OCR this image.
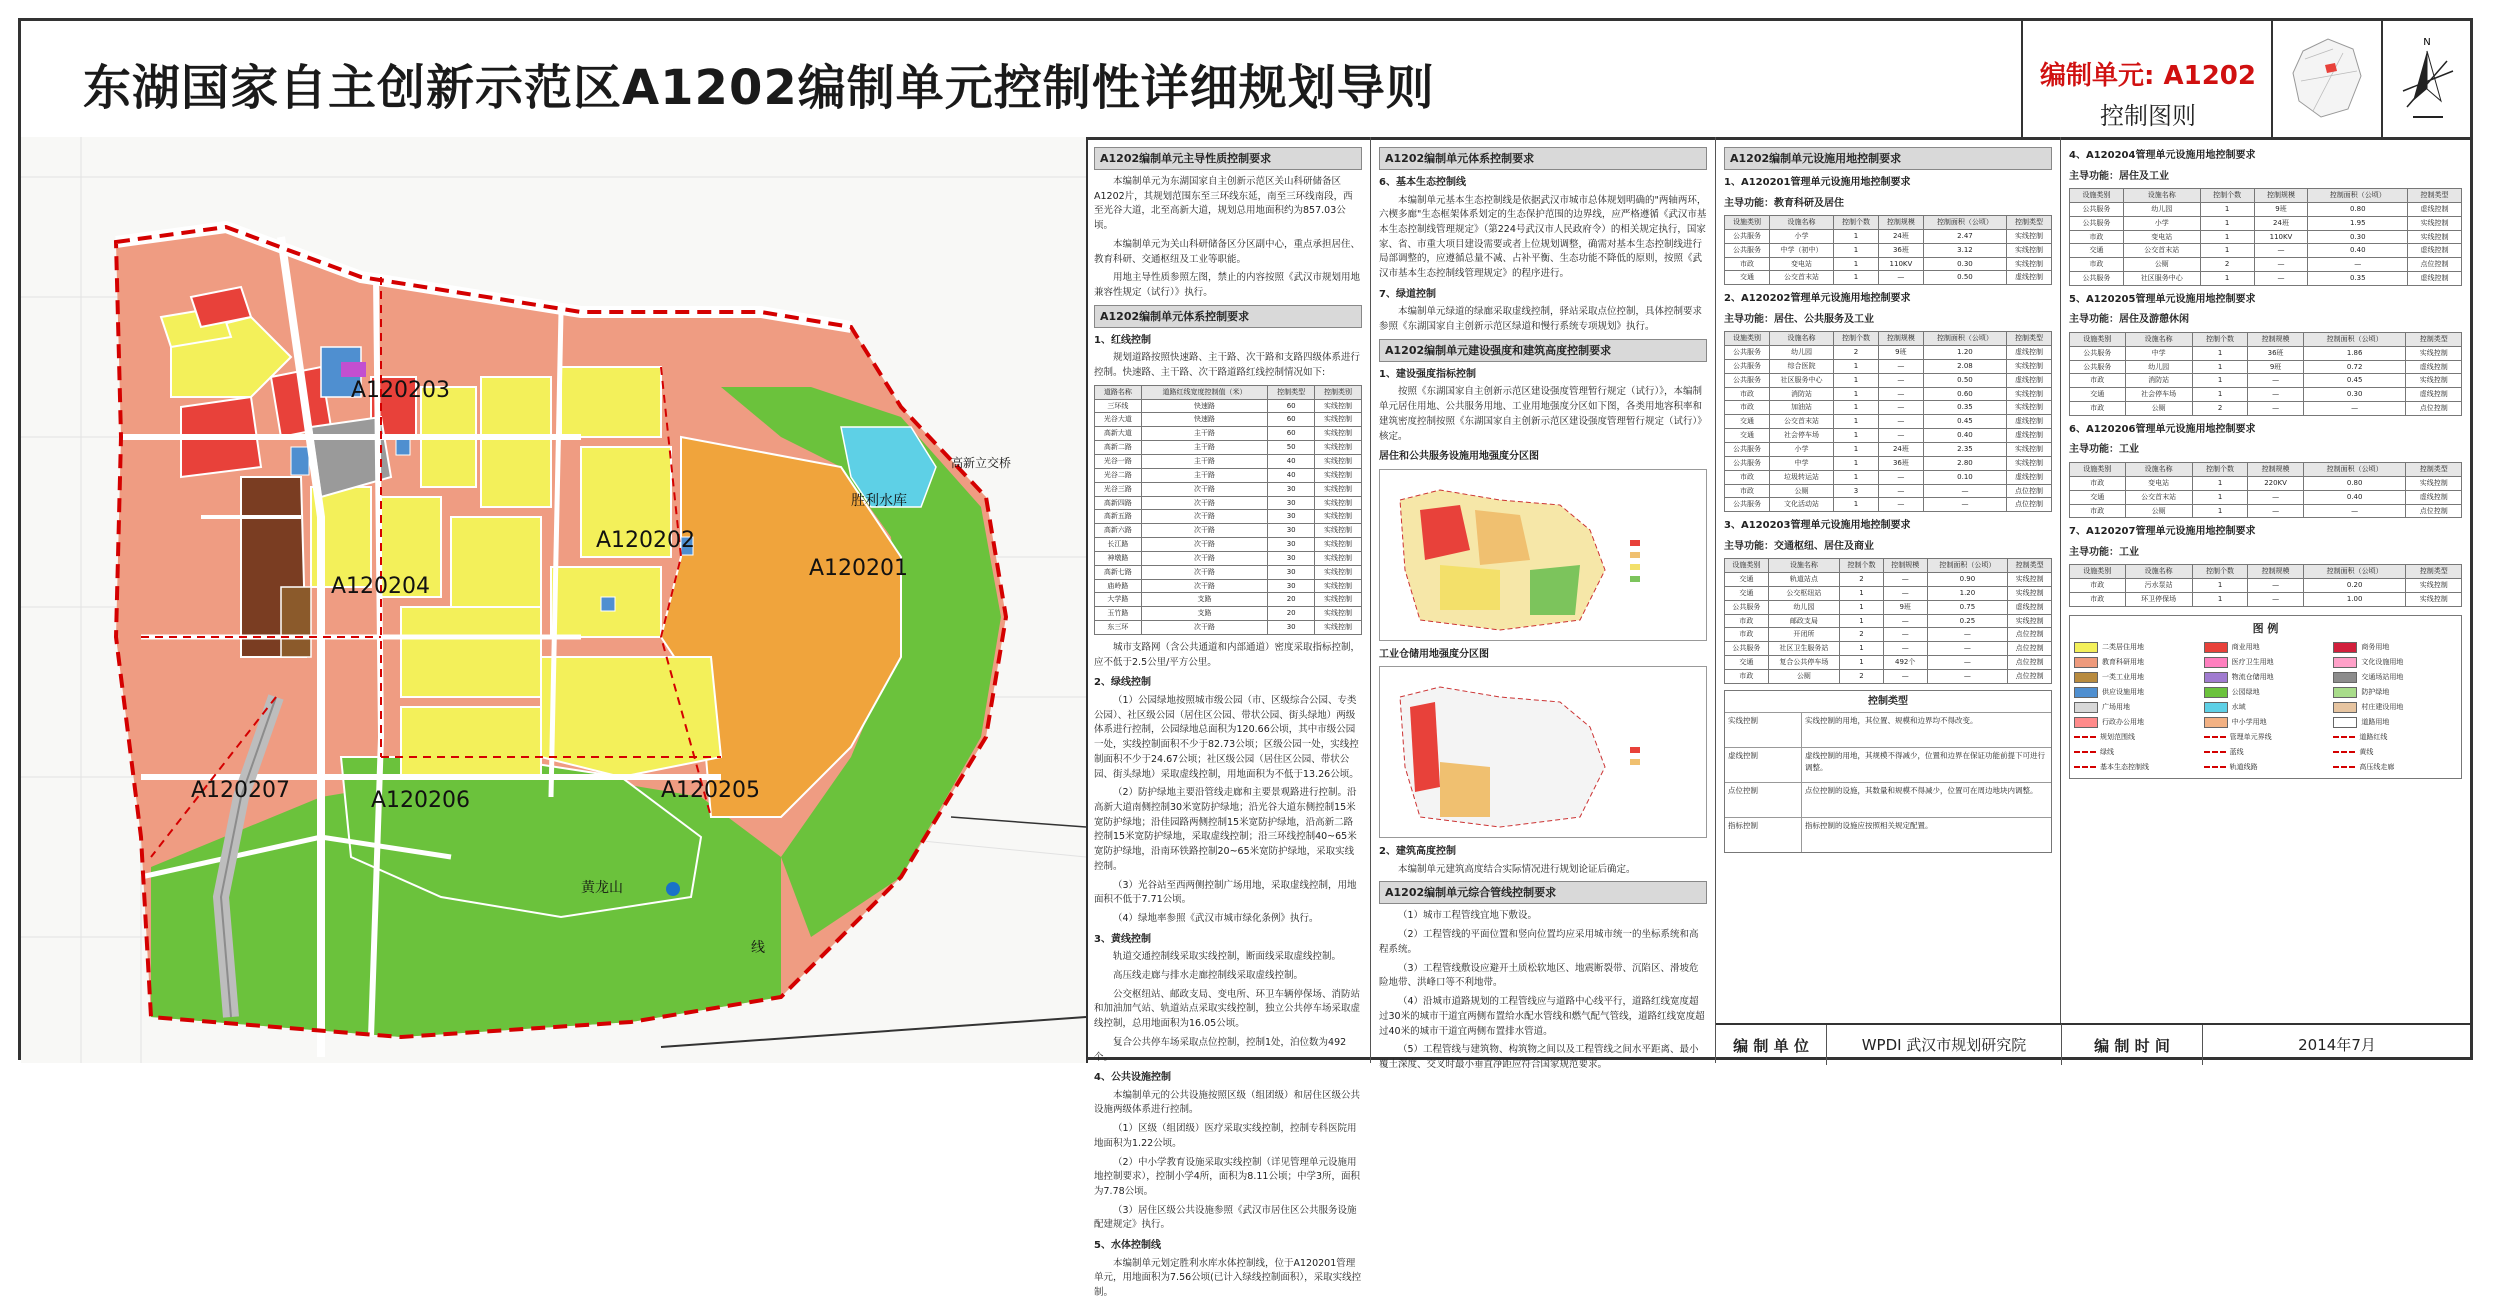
东湖国家自主创新示范区A1202编制单元控制性详细规划导则	编制单元: A1202
控制图则
N
A120201
A120202
A120203
A120204
A120205
A120206
A120207
胜利水库
黄龙山
高新立交桥
线
A1202编制单元主导性质控制要求

本编制单元为东湖国家自主创新示范区关山科研储备区A1202片，其规划范围东至三环线东延，南至三环线南段，西至光谷大道，北至高新大道，规划总用地面积约为857.03公顷。

本编制单元为关山科研储备区分区副中心，重点承担居住、教育科研、交通枢纽及工业等职能。

用地主导性质参照左图，禁止的内容按照《武汉市规划用地兼容性规定（试行）》执行。

A1202编制单元体系控制要求
1、红线控制

规划道路按照快速路、主干路、次干路和支路四级体系进行控制。快速路、主干路、次干路道路红线控制情况如下:

道路名称	道路红线宽度控制值（米）	控制类型	控制类别
三环线	快速路	60	实线控制
光谷大道	快速路	60	实线控制
高新大道	主干路	60	实线控制
高新二路	主干路	50	实线控制
光谷一路	主干路	40	实线控制
光谷二路	主干路	40	实线控制
光谷三路	次干路	30	实线控制
高新四路	次干路	30	实线控制
高新五路	次干路	30	实线控制
高新六路	次干路	30	实线控制
长江路	次干路	30	实线控制
神墩路	次干路	30	实线控制
高新七路	次干路	30	实线控制
庙岭路	次干路	30	实线控制
大学路	支路	20	实线控制
玉竹路	支路	20	实线控制
东三环	次干路	30	实线控制

城市支路网（含公共通道和内部通道）密度采取指标控制，应不低于2.5公里/平方公里。

2、绿线控制

（1）公园绿地按照城市级公园（市、区级综合公园、专类公园）、社区级公园（居住区公园、带状公园、街头绿地）两级体系进行控制，公园绿地总面积为120.66公顷，其中市级公园一处，实线控制面积不少于82.73公顷；区级公园一处，实线控制面积不少于24.67公顷；社区级公园（居住区公园、带状公园、街头绿地）采取虚线控制，用地面积为不低于13.26公顷。

（2）防护绿地主要沿管线走廊和主要景观路进行控制。沿高新大道南侧控制30米宽防护绿地；沿光谷大道东侧控制15米宽防护绿地；沿佳园路两侧控制15米宽防护绿地，沿高新二路控制15米宽防护绿地，采取虚线控制；沿三环线控制40~65米宽防护绿地，沿南环铁路控制20~65米宽防护绿地，采取实线控制。

（3）光谷站至西两侧控制广场用地，采取虚线控制，用地面积不低于7.71公顷。

（4）绿地率参照《武汉市城市绿化条例》执行。

3、黄线控制

轨道交通控制线采取实线控制，断面线采取虚线控制。

高压线走廊与排水走廊控制线采取虚线控制。

公交枢纽站、邮政支局、变电所、环卫车辆停保场、消防站和加油加气站、轨道站点采取实线控制，独立公共停车场采取虚线控制，总用地面积为16.05公顷。

复合公共停车场采取点位控制，控制1处，泊位数为492个。

4、公共设施控制

本编制单元的公共设施按照区级（组团级）和居住区级公共设施两级体系进行控制。

（1）区级（组团级）医疗采取实线控制，控制专科医院用地面积为1.22公顷。

（2）中小学教育设施采取实线控制（详见管理单元设施用地控制要求），控制小学4所，面积为8.11公顷；中学3所，面积为7.78公顷。

（3）居住区级公共设施参照《武汉市居住区公共服务设施配建规定》执行。

5、水体控制线

本编制单元划定胜利水库水体控制线，位于A120201管理单元，用地面积为7.56公顷(已计入绿线控制面积），采取实线控制。

A1202编制单元体系控制要求
6、基本生态控制线

本编制单元基本生态控制线是依据武汉市城市总体规划明确的"两轴两环，六楔多廊"生态框架体系划定的生态保护范围的边界线，应严格遵循《武汉市基本生态控制线管理规定》（第224号武汉市人民政府令）的相关规定执行，国家家、省、市重大项目建设需要或者上位规划调整，确需对基本生态控制线进行局部调整的，应遵循总量不减、占补平衡、生态功能不降低的原则，按照《武汉市基本生态控制线管理规定》的程序进行。

7、绿道控制

本编制单元绿道的绿廊采取虚线控制，驿站采取点位控制，具体控制要求参照《东湖国家自主创新示范区绿道和慢行系统专项规划》执行。

A1202编制单元建设强度和建筑高度控制要求
1、建设强度指标控制

按照《东湖国家自主创新示范区建设强度管理暂行规定（试行）》，本编制单元居住用地、公共服务用地、工业用地强度分区如下图，各类用地容积率和建筑密度控制按照《东湖国家自主创新示范区建设强度管理暂行规定（试行）》核定。

居住和公共服务设施用地强度分区图
工业仓储用地强度分区图
2、建筑高度控制

本编制单元建筑高度结合实际情况进行规划论证后确定。

A1202编制单元综合管线控制要求

（1）城市工程管线宜地下敷设。

（2）工程管线的平面位置和竖向位置均应采用城市统一的坐标系统和高程系统。

（3）工程管线敷设应避开土质松软地区、地震断裂带、沉陷区、滑坡危险地带、洪峰口等不利地带。

（4）沿城市道路规划的工程管线应与道路中心线平行，道路红线宽度超过30米的城市干道宜两侧布置给水配水管线和燃气配气管线，道路红线宽度超过40米的城市干道宜两侧布置排水管道。

（5）工程管线与建筑物、构筑物之间以及工程管线之间水平距离、最小覆土深度、交叉时最小垂直净距应符合国家规范要求。

A1202编制单元设施用地控制要求
1、A120201管理单元设施用地控制要求
主导功能：教育科研及居住
设施类别	设施名称	控制个数	控制规模	控制面积（公顷）	控制类型
公共服务	小学	1	24班	2.47	实线控制
公共服务	中学（初中）	1	36班	3.12	实线控制
市政	变电站	1	110KV	0.30	实线控制
交通	公交首末站	1	—	0.50	虚线控制
2、A120202管理单元设施用地控制要求
主导功能：居住、公共服务及工业
设施类别	设施名称	控制个数	控制规模	控制面积（公顷）	控制类型
公共服务	幼儿园	2	9班	1.20	虚线控制
公共服务	综合医院	1	—	2.08	实线控制
公共服务	社区服务中心	1	—	0.50	虚线控制
市政	消防站	1	—	0.60	实线控制
市政	加油站	1	—	0.35	实线控制
交通	公交首末站	1	—	0.45	虚线控制
交通	社会停车场	1	—	0.40	虚线控制
公共服务	小学	1	24班	2.35	实线控制
公共服务	中学	1	36班	2.80	实线控制
市政	垃圾转运站	1	—	0.10	虚线控制
市政	公厕	3	—	—	点位控制
公共服务	文化活动站	1	—	—	点位控制
3、A120203管理单元设施用地控制要求
主导功能：交通枢纽、居住及商业
设施类别	设施名称	控制个数	控制规模	控制面积（公顷）	控制类型
交通	轨道站点	2	—	0.90	实线控制
交通	公交枢纽站	1	—	1.20	实线控制
公共服务	幼儿园	1	9班	0.75	虚线控制
市政	邮政支局	1	—	0.25	实线控制
市政	开闭所	2	—	—	点位控制
公共服务	社区卫生服务站	1	—	—	点位控制
交通	复合公共停车场	1	492个	—	点位控制
市政	公厕	2	—	—	点位控制
控制类型
实线控制	实线控制的用地，其位置、规模和边界均不得改变。
虚线控制	虚线控制的用地，其规模不得减少，位置和边界在保证功能前提下可进行调整。
点位控制	点位控制的设施，其数量和规模不得减少，位置可在周边地块内调整。
指标控制	指标控制的设施应按照相关规定配置。
4、A120204管理单元设施用地控制要求
主导功能：居住及工业
设施类别	设施名称	控制个数	控制规模	控制面积（公顷）	控制类型
公共服务	幼儿园	1	9班	0.80	虚线控制
公共服务	小学	1	24班	1.95	实线控制
市政	变电站	1	110KV	0.30	实线控制
交通	公交首末站	1	—	0.40	虚线控制
市政	公厕	2	—	—	点位控制
公共服务	社区服务中心	1	—	0.35	虚线控制
5、A120205管理单元设施用地控制要求
主导功能：居住及游憩休闲
设施类别	设施名称	控制个数	控制规模	控制面积（公顷）	控制类型
公共服务	中学	1	36班	1.86	实线控制
公共服务	幼儿园	1	9班	0.72	虚线控制
市政	消防站	1	—	0.45	实线控制
交通	社会停车场	1	—	0.30	虚线控制
市政	公厕	2	—	—	点位控制
6、A120206管理单元设施用地控制要求
主导功能：工业
设施类别	设施名称	控制个数	控制规模	控制面积（公顷）	控制类型
市政	变电站	1	220KV	0.80	实线控制
交通	公交首末站	1	—	0.40	虚线控制
市政	公厕	1	—	—	点位控制
7、A120207管理单元设施用地控制要求
主导功能：工业
设施类别	设施名称	控制个数	控制规模	控制面积（公顷）	控制类型
市政	污水泵站	1	—	0.20	实线控制
市政	环卫停保场	1	—	1.00	实线控制
图 例
二类居住用地	商业用地	商务用地
教育科研用地	医疗卫生用地	文化设施用地
一类工业用地	物流仓储用地	交通场站用地
供应设施用地	公园绿地	防护绿地
广场用地	水域	村庄建设用地
行政办公用地	中小学用地	道路用地
规划范围线	管理单元界线	道路红线
绿线	蓝线	黄线
基本生态控制线	轨道线路	高压线走廊
编 制 单 位	WPDI 武汉市规划研究院	编 制 时 间	2014年7月
